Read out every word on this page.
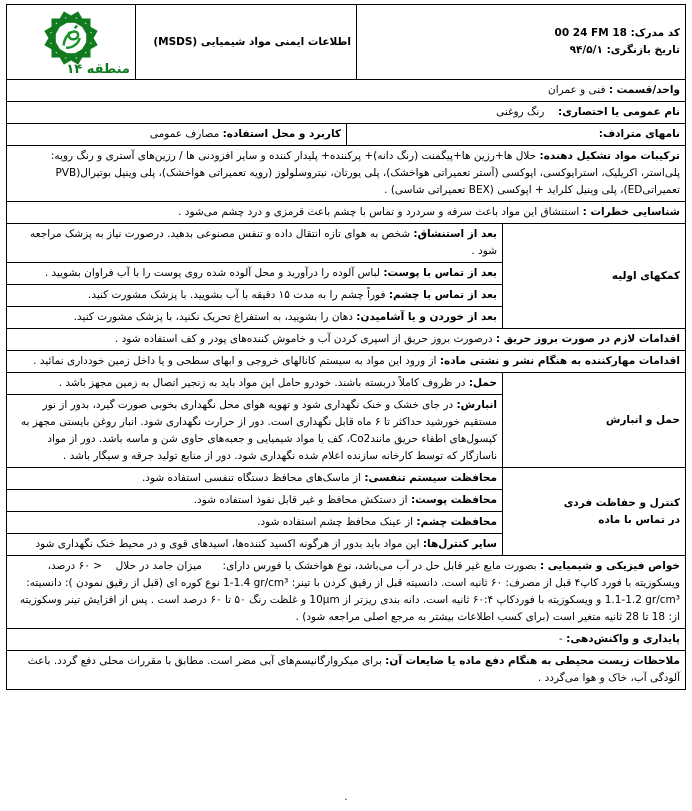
کد مدرک: 00 24 FM 18
تاریخ بازنگری: ۹۴/۵/۱		اطلاعات ایمنی مواد شیمیایی (MSDS)	منطقه ۱۴

واحد/قسمت : فنی و عمران			
نام عمومی یا اختصاری:  رنگ روغنی			

نامهای مترادف:
کاربرد و محل استفاده: مصارف عمومی			

ترکیبات مواد تشکیل دهنده: حلال ها+رزین ها+پیگمنت (رنگ دانه)+ پرکننده+ پلیدار کننده و سایر افزودنی ها / رزین‌های آستری و رنگ رویه: پلی‌استر، اکریلیک، استرایوکسی، اپوکسی (آستر تعمیراتی هواخشک)، پلی یورتان، نیتروسلولوز (رویه تعمیراتی هواخشک)، پلی وینیل بوتیرال(PVB تعمیراتیED)، پلی وینیل کلراید + اپوکسی (BEX تعمیراتی شاسی) .			
شناسایی خطرات : استنشاق این مواد باعث سرفه و سردرد و تماس با چشم باعث قرمزی و درد چشم می‌شود .			
کمکهای اولیه	بعد از استنشاق: شخص به هوای تازه انتقال داده و تنفس مصنوعی بدهید. درصورت نیاز به پزشک مراجعه شود .		
	بعد از تماس با پوست: لباس آلوده را درآورید و محل آلوده شده روی پوست را با آب فراوان بشویید .		
	بعد از تماس با چشم: فوراً چشم را به مدت ۱۵ دقیقه با آب بشویید. با پزشک مشورت کنید.		
	بعد از خوردن و یا آشامیدن: دهان را بشویید، به استفراغ تحریک نکنید، با پزشک مشورت کنید.		
اقدامات لازم در صورت بروز حریق : درصورت بروز حریق از اسپری کردن آب و خاموش کننده‌های پودر و کف استفاده شود .			
اقدامات مهارکننده به هنگام نشر و نشتی ماده: از ورود این مواد به سیستم کانالهای خروجی و ابهای سطحی و یا داخل زمین خودداری نمائید .			
حمل و انبارش	حمل: در ظروف کاملاً دربسته باشند. خودرو حامل این مواد باید به زنجیر اتصال به زمین مجهز باشد .		
	انبارش: در جای خشک و خنک نگهداری شود و تهویه هوای محل نگهداری بخوبی صورت گیرد، بدور از نور مستقیم خورشید حداکثر تا ۶ ماه قابل نگهداری است. دور از حرارت نگهداری شود. انبار روغن بایستی مجهز به کپسول‌های اطفاء حریق مانندCo2، کف یا مواد شیمیایی و جعبه‌های حاوی شن و ماسه باشد. دور از مواد ناسازگار که توسط کارخانه سازنده اعلام شده نگهداری شود. دور از منابع تولید جرقه و سیگار باشد .		

کنترل و حفاظت فردی
در تماس با ماده	محافظت سیستم تنفسی: از ماسک‌های محافظ دستگاه تنفسی استفاده شود.		
	محافظت پوست: از دستکش محافظ و غیر قابل نفوذ استفاده شود.		
	محافظت چشم: از عینک محافظ چشم استفاده شود.		
	سایر کنترل‌ها: این مواد باید بدور از هرگونه اکسید کننده‌ها، اسیدهای قوی و در محیط خنک نگهداری شود		
خواص فیزیکی و شیمیایی : بصورت مایع غیر قابل حل در آب می‌باشد، نوع هواخشک یا فورس دارای:  میزان جامد در حلال  < ۶۰ درصد، ویسکوزیته با فورد کاپ۴ قبل از مصرف: ۶۰ ثانیه است. دانسیته قبل از رقیق کردن با تینر: 1-1.4 gr/cm³ نوع کوره ای (قبل از رقیق نمودن ): دانسیته: 1.1-1.2 gr/cm³ و ویسکوزیته با فوردکاپ ۶۰:۴ ثانیه است. دانه بندی ریزتر از 10µm و غلظت رنگ ۵۰ تا ۶۰ درصد است . پس از افزایش تینر وسکوزیته از: 18 تا 28 ثانیه متغیر است (برای کسب اطلاعات بیشتر به مرجع اصلی مراجعه شود) .			
پایداری و واکنش‌دهی: -			
ملاحظات زیست محیطی به هنگام دفع ماده یا ضایعات آن: برای میکروارگانیسم‌های آبی مضر است. مطابق با مقررات محلی دفع گردد. باعث آلودگی آب، خاک و هوا می‌گردد .			
.
